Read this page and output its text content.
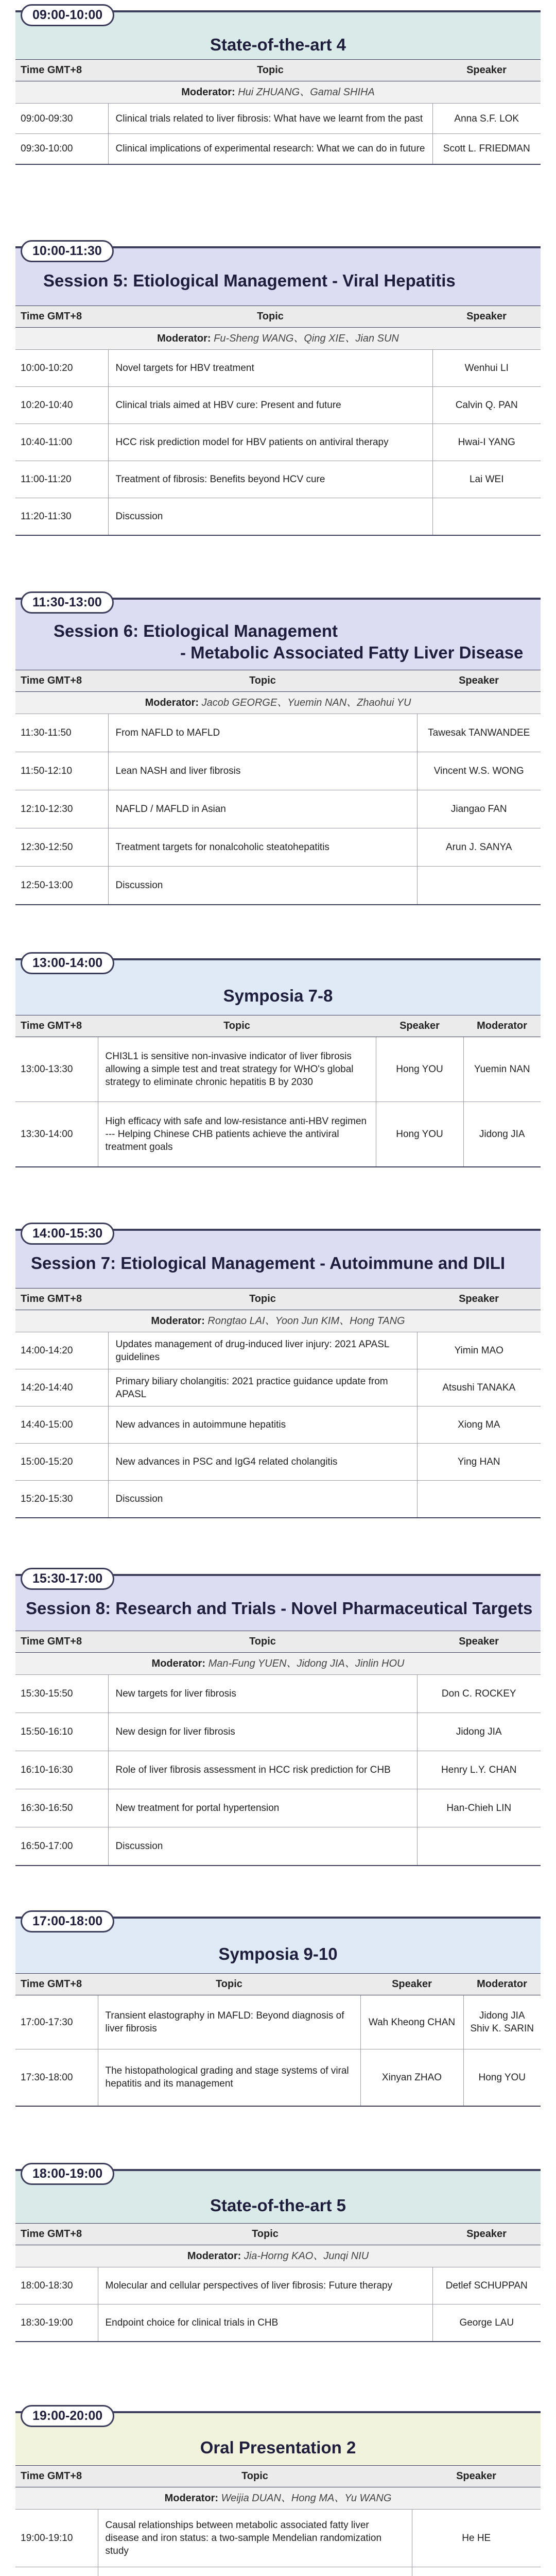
09:00-10:00
State-of-the-art 4
Time GMT+8	Topic	Speaker
Moderator: Hui ZHUANG、Gamal SHIHA		
09:00-09:30	Clinical trials related to liver fibrosis: What have we learnt from the past	Anna S.F. LOK
09:30-10:00	Clinical implications of experimental research: What we can do in future	Scott L. FRIEDMAN
10:00-11:30
Session 5: Etiological Management - Viral Hepatitis
Time GMT+8	Topic	Speaker
Moderator: Fu-Sheng WANG、Qing XIE、Jian SUN		
10:00-10:20	Novel targets for HBV treatment	Wenhui LI
10:20-10:40	Clinical trials aimed at HBV cure: Present and future	Calvin Q. PAN
10:40-11:00	HCC risk prediction model for HBV patients on antiviral therapy	Hwai-I YANG
11:00-11:20	Treatment of fibrosis: Benefits beyond HCV cure	Lai WEI
11:20-11:30	Discussion	
11:30-13:00
Session 6: Etiological Management
- Metabolic Associated Fatty Liver Disease
Time GMT+8	Topic	Speaker
Moderator: Jacob GEORGE、Yuemin NAN、Zhaohui YU		
11:30-11:50	From NAFLD to MAFLD	Tawesak TANWANDEE
11:50-12:10	Lean NASH and liver fibrosis	Vincent W.S. WONG
12:10-12:30	NAFLD / MAFLD in Asian	Jiangao FAN
12:30-12:50	Treatment targets for nonalcoholic steatohepatitis	Arun J. SANYA
12:50-13:00	Discussion	
13:00-14:00
Symposia 7-8
Time GMT+8	Topic	Speaker	Moderator
13:00-13:30	CHI3L1 is sensitive non-invasive indicator of liver fibrosis allowing a simple test and treat strategy for WHO's global strategy to eliminate chronic hepatitis B by 2030	Hong YOU	Yuemin NAN
13:30-14:00	High efficacy with safe and low-resistance anti-HBV regimen --- Helping Chinese CHB patients achieve the antiviral treatment goals	Hong YOU	Jidong JIA
14:00-15:30
Session 7: Etiological Management - Autoimmune and DILI
Time GMT+8	Topic	Speaker
Moderator: Rongtao LAI、Yoon Jun KIM、Hong TANG		
14:00-14:20	Updates management of drug-induced liver injury: 2021 APASL guidelines	Yimin MAO
14:20-14:40	Primary biliary cholangitis: 2021 practice guidance update from APASL	Atsushi TANAKA
14:40-15:00	New advances in autoimmune hepatitis	Xiong MA
15:00-15:20	New advances in PSC and IgG4 related cholangitis	Ying HAN
15:20-15:30	Discussion	
15:30-17:00
Session 8: Research and Trials - Novel Pharmaceutical Targets
Time GMT+8	Topic	Speaker
Moderator: Man-Fung YUEN、Jidong JIA、Jinlin HOU		
15:30-15:50	New targets for liver fibrosis	Don C. ROCKEY
15:50-16:10	New design for liver fibrosis	Jidong JIA
16:10-16:30	Role of liver fibrosis assessment in HCC risk prediction for CHB	Henry L.Y. CHAN
16:30-16:50	New treatment for portal hypertension	Han-Chieh LIN
16:50-17:00	Discussion	
17:00-18:00
Symposia 9-10
Time GMT+8	Topic	Speaker	Moderator
17:00-17:30	Transient elastography in MAFLD: Beyond diagnosis of liver fibrosis	Wah Kheong CHAN	Jidong JIA
Shiv K. SARIN

17:30-18:00	The histopathological grading and stage systems of viral hepatitis and its management	Xinyan ZHAO	Hong YOU
18:00-19:00
State-of-the-art 5
Time GMT+8	Topic	Speaker
Moderator: Jia-Horng KAO、Junqi NIU		
18:00-18:30	Molecular and cellular perspectives of liver fibrosis: Future therapy	Detlef SCHUPPAN
18:30-19:00	Endpoint choice for clinical trials in CHB	George LAU
19:00-20:00
Oral Presentation 2
Time GMT+8	Topic	Speaker
Moderator: Weijia DUAN、Hong MA、Yu WANG		
19:00-19:10	Causal relationships between metabolic associated fatty liver disease and iron status: a two-sample Mendelian randomization study	He HE
